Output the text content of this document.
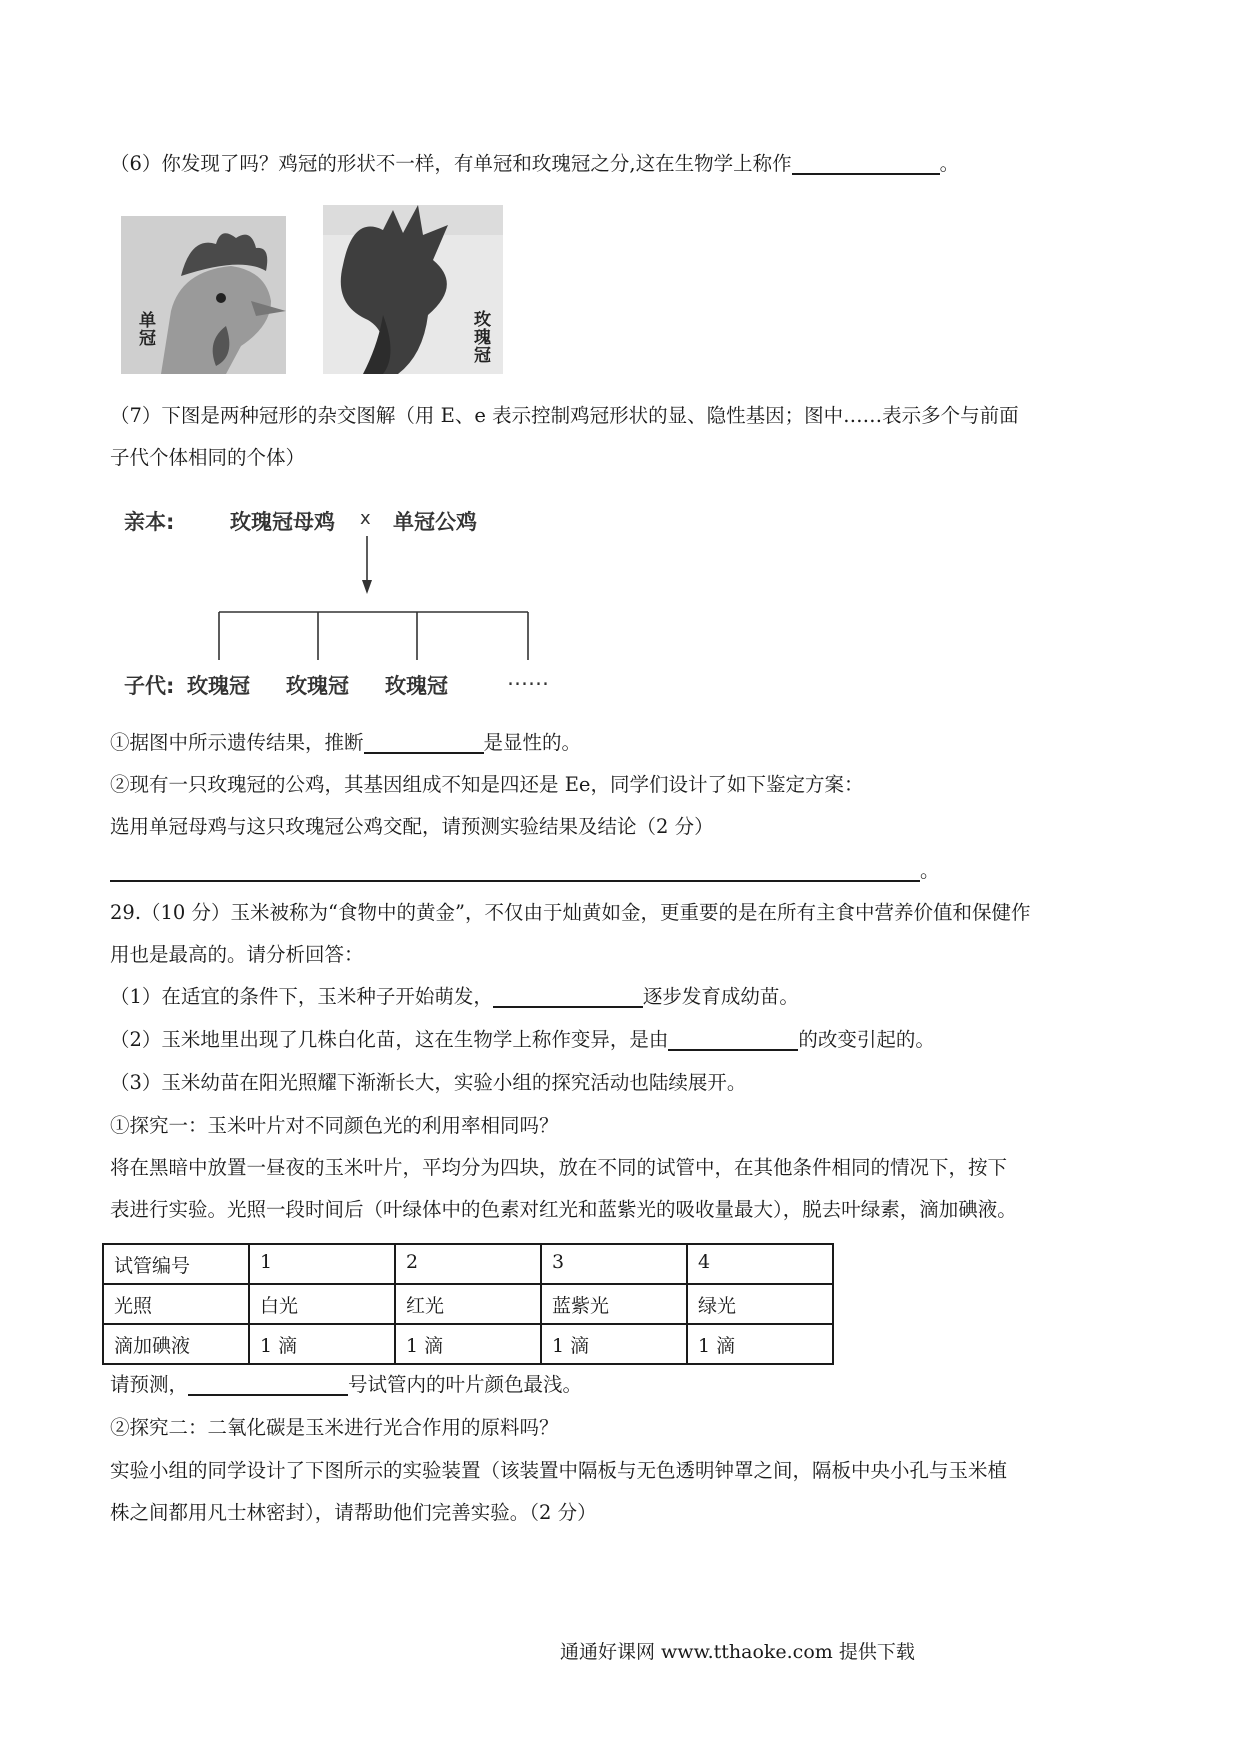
（6）你发现了吗？鸡冠的形状不一样，有单冠和玫瑰冠之分,这在生物学上称作	。
单冠	玫瑰冠
（7）下图是两种冠形的杂交图解（用 E、e 表示控制鸡冠形状的显、隐性基因；图中……表示多个与前面
子代个体相同的个体）
亲本:	玫瑰冠母鸡 x 单冠公鸡
子代: 玫瑰冠 玫瑰冠 玫瑰冠	……
①据图中所示遗传结果，推断	是显性的。
②现有一只玫瑰冠的公鸡，其基因组成不知是四还是 Ee，同学们设计了如下鉴定方案：
选用单冠母鸡与这只玫瑰冠公鸡交配，请预测实验结果及结论（2 分）
。
29.（10 分）玉米被称为“食物中的黄金”，不仅由于灿黄如金，更重要的是在所有主食中营养价值和保健作
用也是最高的。请分析回答：
（1）在适宜的条件下，玉米种子开始萌发，	逐步发育成幼苗。
（2）玉米地里出现了几株白化苗，这在生物学上称作变异，是由	的改变引起的。
（3）玉米幼苗在阳光照耀下渐渐长大，实验小组的探究活动也陆续展开。
①探究一：玉米叶片对不同颜色光的利用率相同吗？
将在黑暗中放置一昼夜的玉米叶片，平均分为四块，放在不同的试管中，在其他条件相同的情况下，按下
表进行实验。光照一段时间后（叶绿体中的色素对红光和蓝紫光的吸收量最大），脱去叶绿素，滴加碘液。
试管编号	1	2	3	4
光照	白光	红光	蓝紫光	绿光
滴加碘液	1 滴	1 滴	1 滴	1 滴
请预测，	号试管内的叶片颜色最浅。
②探究二：二氧化碳是玉米进行光合作用的原料吗？
实验小组的同学设计了下图所示的实验装置（该装置中隔板与无色透明钟罩之间，隔板中央小孔与玉米植
株之间都用凡士林密封），请帮助他们完善实验。（2 分）
通通好课网 www.tthaoke.com 提供下载
